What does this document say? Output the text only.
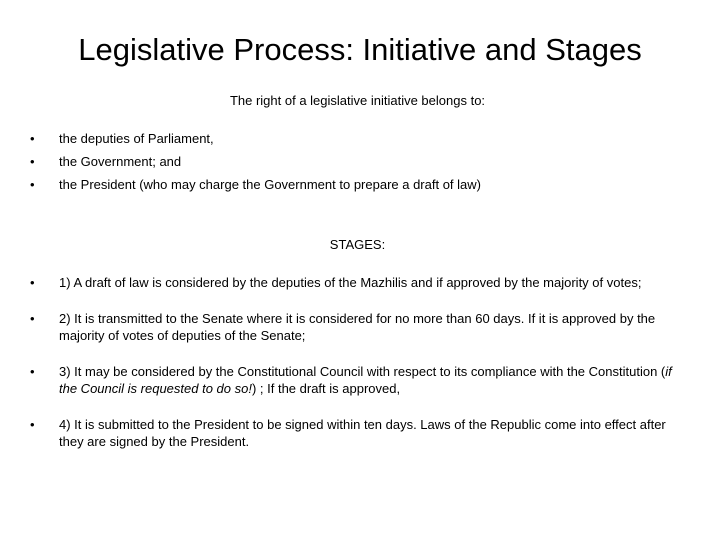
Legislative Process: Initiative and Stages

The right of a legislative initiative belongs to:

• the deputies of Parliament,
• the Government; and
• the President (who may charge the Government to prepare a draft of law)

STAGES:

• 1) A draft of law is considered by the deputies of the Mazhilis and if approved by the majority of votes;
• 2) It is transmitted to the Senate where it is considered for no more than 60 days. If it is approved by the majority of votes of deputies of the Senate;
• 3) It may be considered by the Constitutional Council with respect to its compliance with the Constitution (if the Council is requested to do so!) ; If the draft is approved,
• 4) It is submitted to the President to be signed within ten days. Laws of the Republic come into effect after they are signed by the President.
